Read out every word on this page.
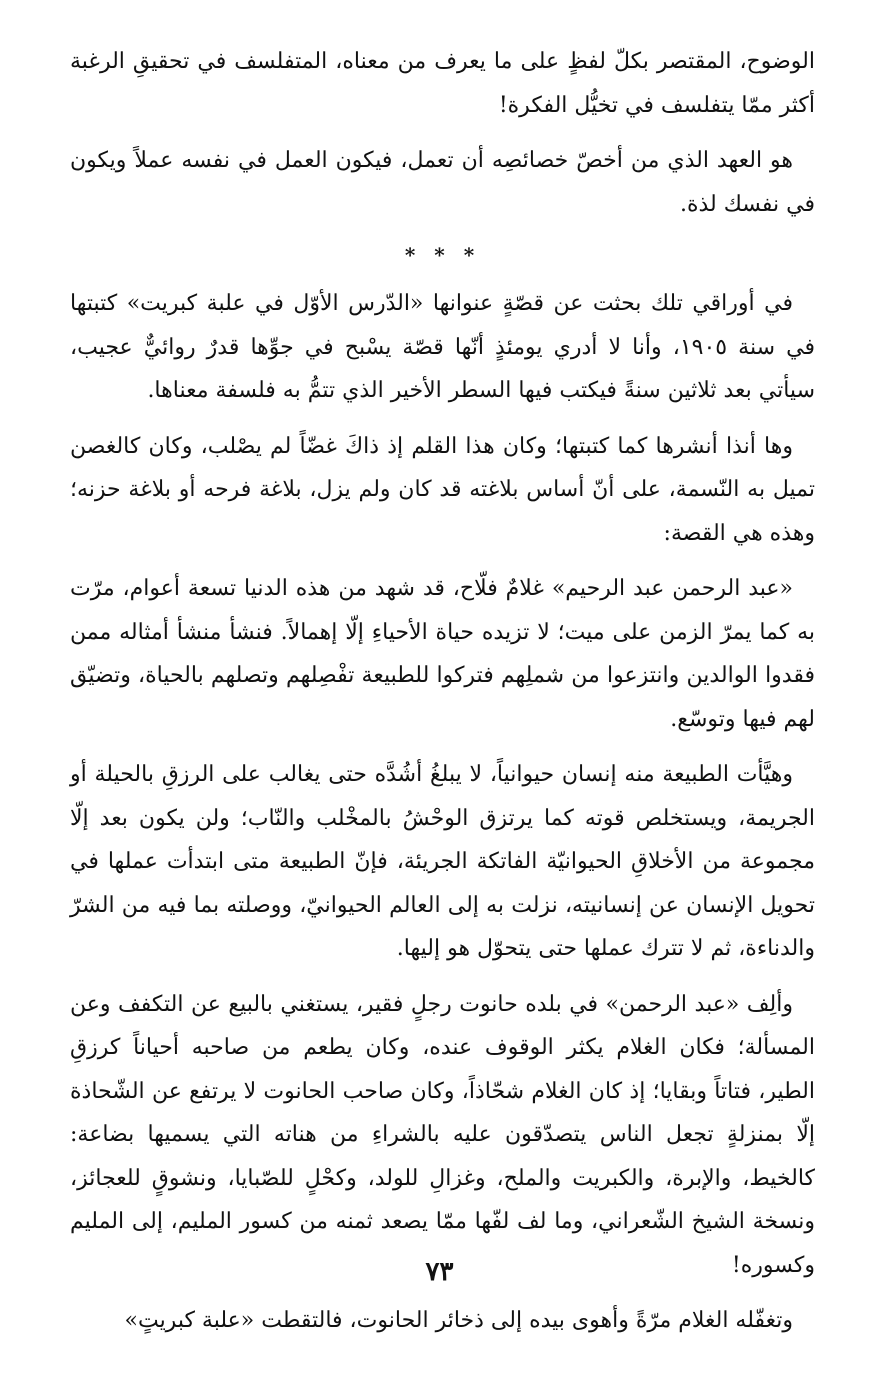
الوضوح، المقتصر بكلّ لفظٍ على ما يعرف من معناه، المتفلسف في تحقيقِ الرغبة أكثر ممّا يتفلسف في تخيُّل الفكرة!

هو العهد الذي من أخصّ خصائصِه أن تعمل، فيكون العمل في نفسه عملاً ويكون في نفسك لذة.

* * *

في أوراقي تلك بحثت عن قصّةٍ عنوانها «الدّرس الأوّل في علبة كبريت» كتبتها في سنة ١٩٠٥، وأنا لا أدري يومئذٍ أنّها قصّة يسْبح في جوِّها قدرٌ روائيٌّ عجيب، سيأتي بعد ثلاثين سنةً فيكتب فيها السطر الأخير الذي تتمُّ به فلسفة معناها.

وها أنذا أنشرها كما كتبتها؛ وكان هذا القلم إذ ذاكَ غضّاً لم يصْلب، وكان كالغصن تميل به النّسمة، على أنّ أساس بلاغته قد كان ولم يزل، بلاغة فرحه أو بلاغة حزنه؛ وهذه هي القصة:

«عبد الرحمن عبد الرحيم» غلامٌ فلّاح، قد شهد من هذه الدنيا تسعة أعوام، مرّت به كما يمرّ الزمن على ميت؛ لا تزيده حياة الأحياءِ إلّا إهمالاً. فنشأ منشأ أمثاله ممن فقدوا الوالدين وانتزعوا من شملِهم فتركوا للطبيعة تفْصِلهم وتصلهم بالحياة، وتضيّق لهم فيها وتوسّع.

وهيَّأت الطبيعة منه إنسان حيوانياً، لا يبلغُ أشُدَّه حتى يغالب على الرزقِ بالحيلة أو الجريمة، ويستخلص قوته كما يرتزق الوحْشُ بالمخْلب والنّاب؛ ولن يكون بعد إلّا مجموعة من الأخلاقِ الحيوانيّة الفاتكة الجريئة، فإنّ الطبيعة متى ابتدأت عملها في تحويل الإنسان عن إنسانيته، نزلت به إلى العالم الحيوانيّ، ووصلته بما فيه من الشرّ والدناءة، ثم لا تترك عملها حتى يتحوّل هو إليها.

وألِف «عبد الرحمن» في بلده حانوت رجلٍ فقير، يستغني بالبيع عن التكفف وعن المسألة؛ فكان الغلام يكثر الوقوف عنده، وكان يطعم من صاحبه أحياناً كرزقِ الطير، فتاتاً وبقايا؛ إذ كان الغلام شحّاذاً، وكان صاحب الحانوت لا يرتفع عن الشّحاذة إلّا بمنزلةٍ تجعل الناس يتصدّقون عليه بالشراءِ من هناته التي يسميها بضاعة: كالخيط، والإبرة، والكبريت والملح، وغزالِ للولد، وكحْلٍ للصّبايا، ونشوقٍ للعجائز، ونسخة الشيخ الشّعراني، وما لف لفّها ممّا يصعد ثمنه من كسور المليم، إلى المليم وكسوره!

وتغفّله الغلام مرّةً وأهوى بيده إلى ذخائر الحانوت، فالتقطت «علبة كبريتٍ»

٧٣
